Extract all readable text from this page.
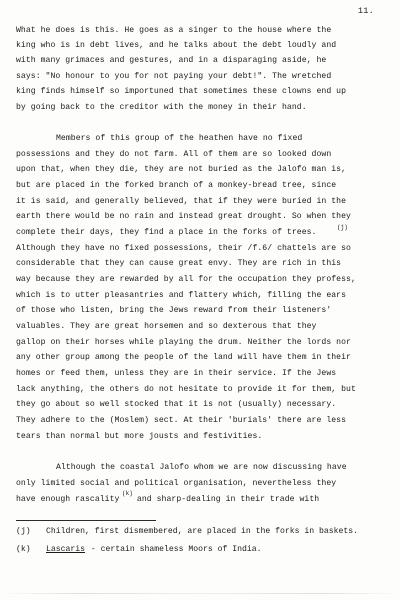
11.
What he does is this. He goes as a singer to the house where the
king who is in debt lives, and he talks about the debt loudly and
with many grimaces and gestures, and in a disparaging aside, he
says: "No honour to you for not paying your debt!". The wretched
king finds himself so importuned that sometimes these clowns end up
by going back to the creditor with the money in their hand.
Members of this group of the heathen have no fixed
possessions and they do not farm. All of them are so looked down
upon that, when they die, they are not buried as the Jalofo man is,
but are placed in the forked branch of a monkey-bread tree, since
it is said, and generally believed, that if they were buried in the
earth there would be no rain and instead great drought. So when they
complete their days, they find a place in the forks of trees.
(j)
Although they have no fixed possessions, their /f.6/ chattels are so
considerable that they can cause great envy. They are rich in this
way because they are rewarded by all for the occupation they profess,
which is to utter pleasantries and flattery which, filling the ears
of those who listen, bring the Jews reward from their listeners'
valuables. They are great horsemen and so dexterous that they
gallop on their horses while playing the drum. Neither the lords nor
any other group among the people of the land will have them in their
homes or feed them, unless they are in their service. If the Jews
lack anything, the others do not hesitate to provide it for them, but
they go about so well stocked that it is not (usually) necessary.
They adhere to the (Moslem) sect. At their 'burials' there are less
tears than normal but more jousts and festivities.
Although the coastal Jalofo whom we are now discussing have
only limited social and political organisation, nevertheless they
have enough rascality
(k)
and sharp-dealing in their trade with
(j) Children, first dismembered, are placed in the forks in baskets.
(k) Lascaris - certain shameless Moors of India.
